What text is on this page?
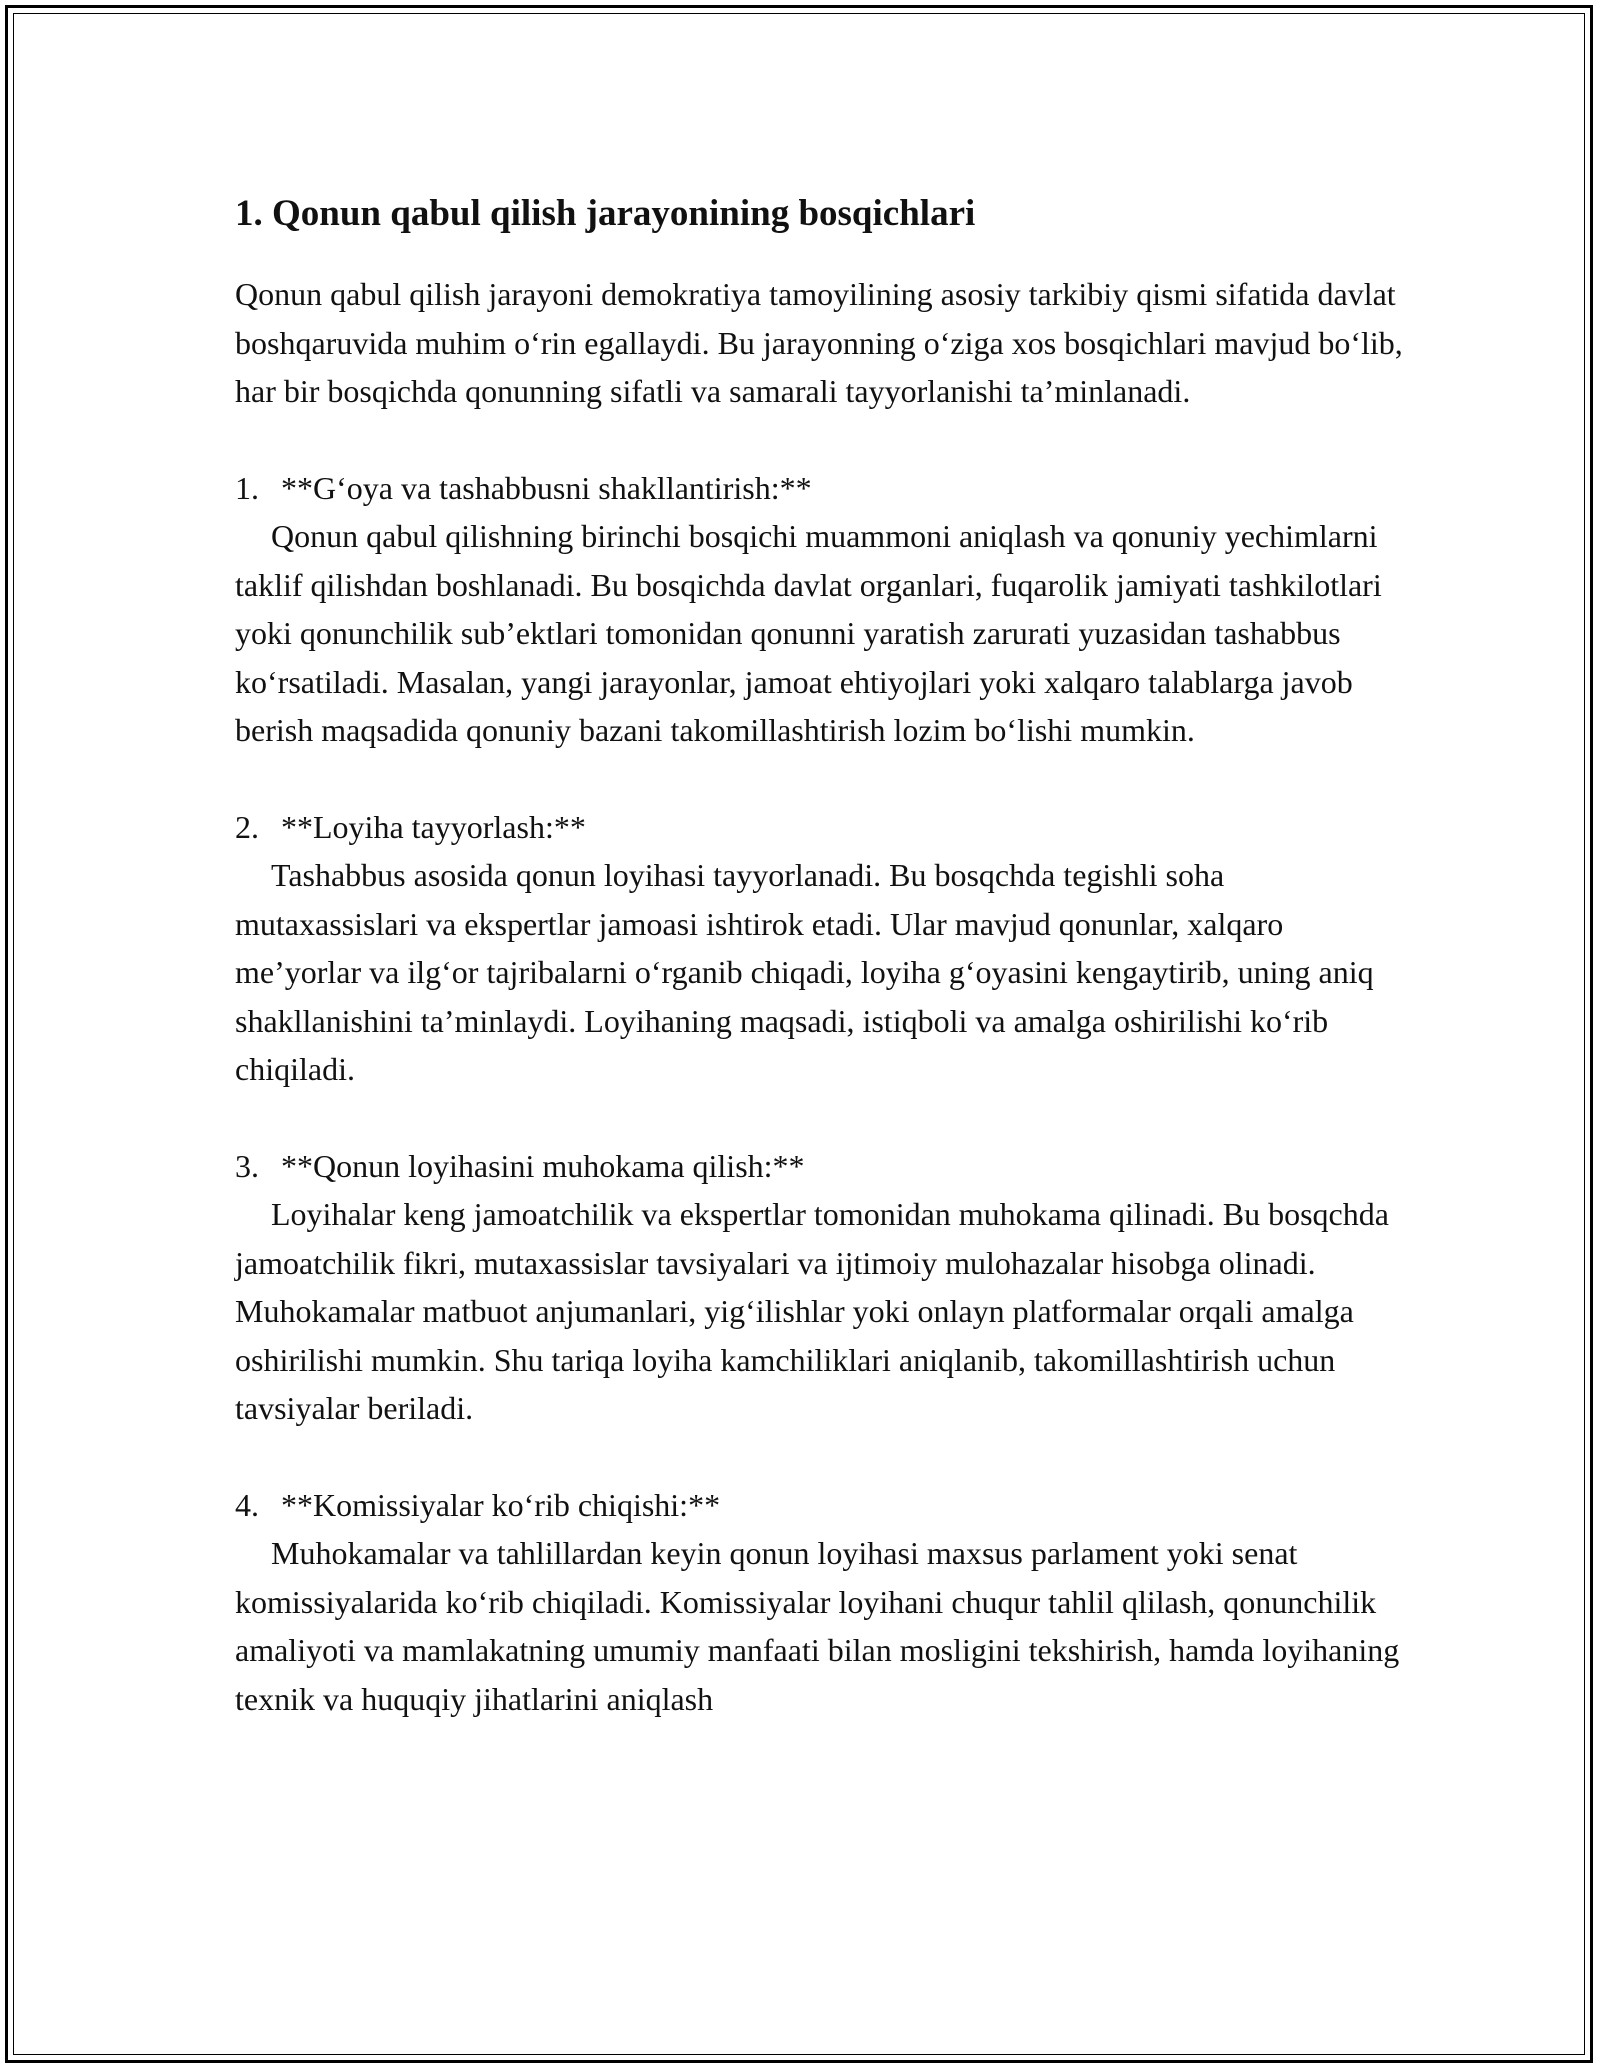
1. Qonun qabul qilish jarayonining bosqichlari

Qonun qabul qilish jarayoni demokratiya tamoyilining asosiy tarkibiy qismi sifatida davlat boshqaruvida muhim o‘rin egallaydi. Bu jarayonning o‘ziga xos bosqichlari mavjud bo‘lib, har bir bosqichda qonunning sifatli va samarali tayyorlanishi ta’minlanadi.

1. **G‘oya va tashabbusni shakllantirish:**
Qonun qabul qilishning birinchi bosqichi muammoni aniqlash va qonuniy yechimlarni taklif qilishdan boshlanadi. Bu bosqichda davlat organlari, fuqarolik jamiyati tashkilotlari yoki qonunchilik sub’ektlari tomonidan qonunni yaratish zarurati yuzasidan tashabbus ko‘rsatiladi. Masalan, yangi jarayonlar, jamoat ehtiyojlari yoki xalqaro talablarga javob berish maqsadida qonuniy bazani takomillashtirish lozim bo‘lishi mumkin.
2. **Loyiha tayyorlash:**
Tashabbus asosida qonun loyihasi tayyorlanadi. Bu bosqchda tegishli soha mutaxassislari va ekspertlar jamoasi ishtirok etadi. Ular mavjud qonunlar, xalqaro me’yorlar va ilg‘or tajribalarni o‘rganib chiqadi, loyiha g‘oyasini kengaytirib, uning aniq shakllanishini ta’minlaydi. Loyihaning maqsadi, istiqboli va amalga oshirilishi ko‘rib chiqiladi.
3. **Qonun loyihasini muhokama qilish:**
Loyihalar keng jamoatchilik va ekspertlar tomonidan muhokama qilinadi. Bu bosqchda jamoatchilik fikri, mutaxassislar tavsiyalari va ijtimoiy mulohazalar hisobga olinadi. Muhokamalar matbuot anjumanlari, yig‘ilishlar yoki onlayn platformalar orqali amalga oshirilishi mumkin. Shu tariqa loyiha kamchiliklari aniqlanib, takomillashtirish uchun tavsiyalar beriladi.
4. **Komissiyalar ko‘rib chiqishi:**
Muhokamalar va tahlillardan keyin qonun loyihasi maxsus parlament yoki senat komissiyalarida ko‘rib chiqiladi. Komissiyalar loyihani chuqur tahlil qlilash, qonunchilik amaliyoti va mamlakatning umumiy manfaati bilan mosligini tekshirish, hamda loyihaning texnik va huquqiy jihatlarini aniqlash
